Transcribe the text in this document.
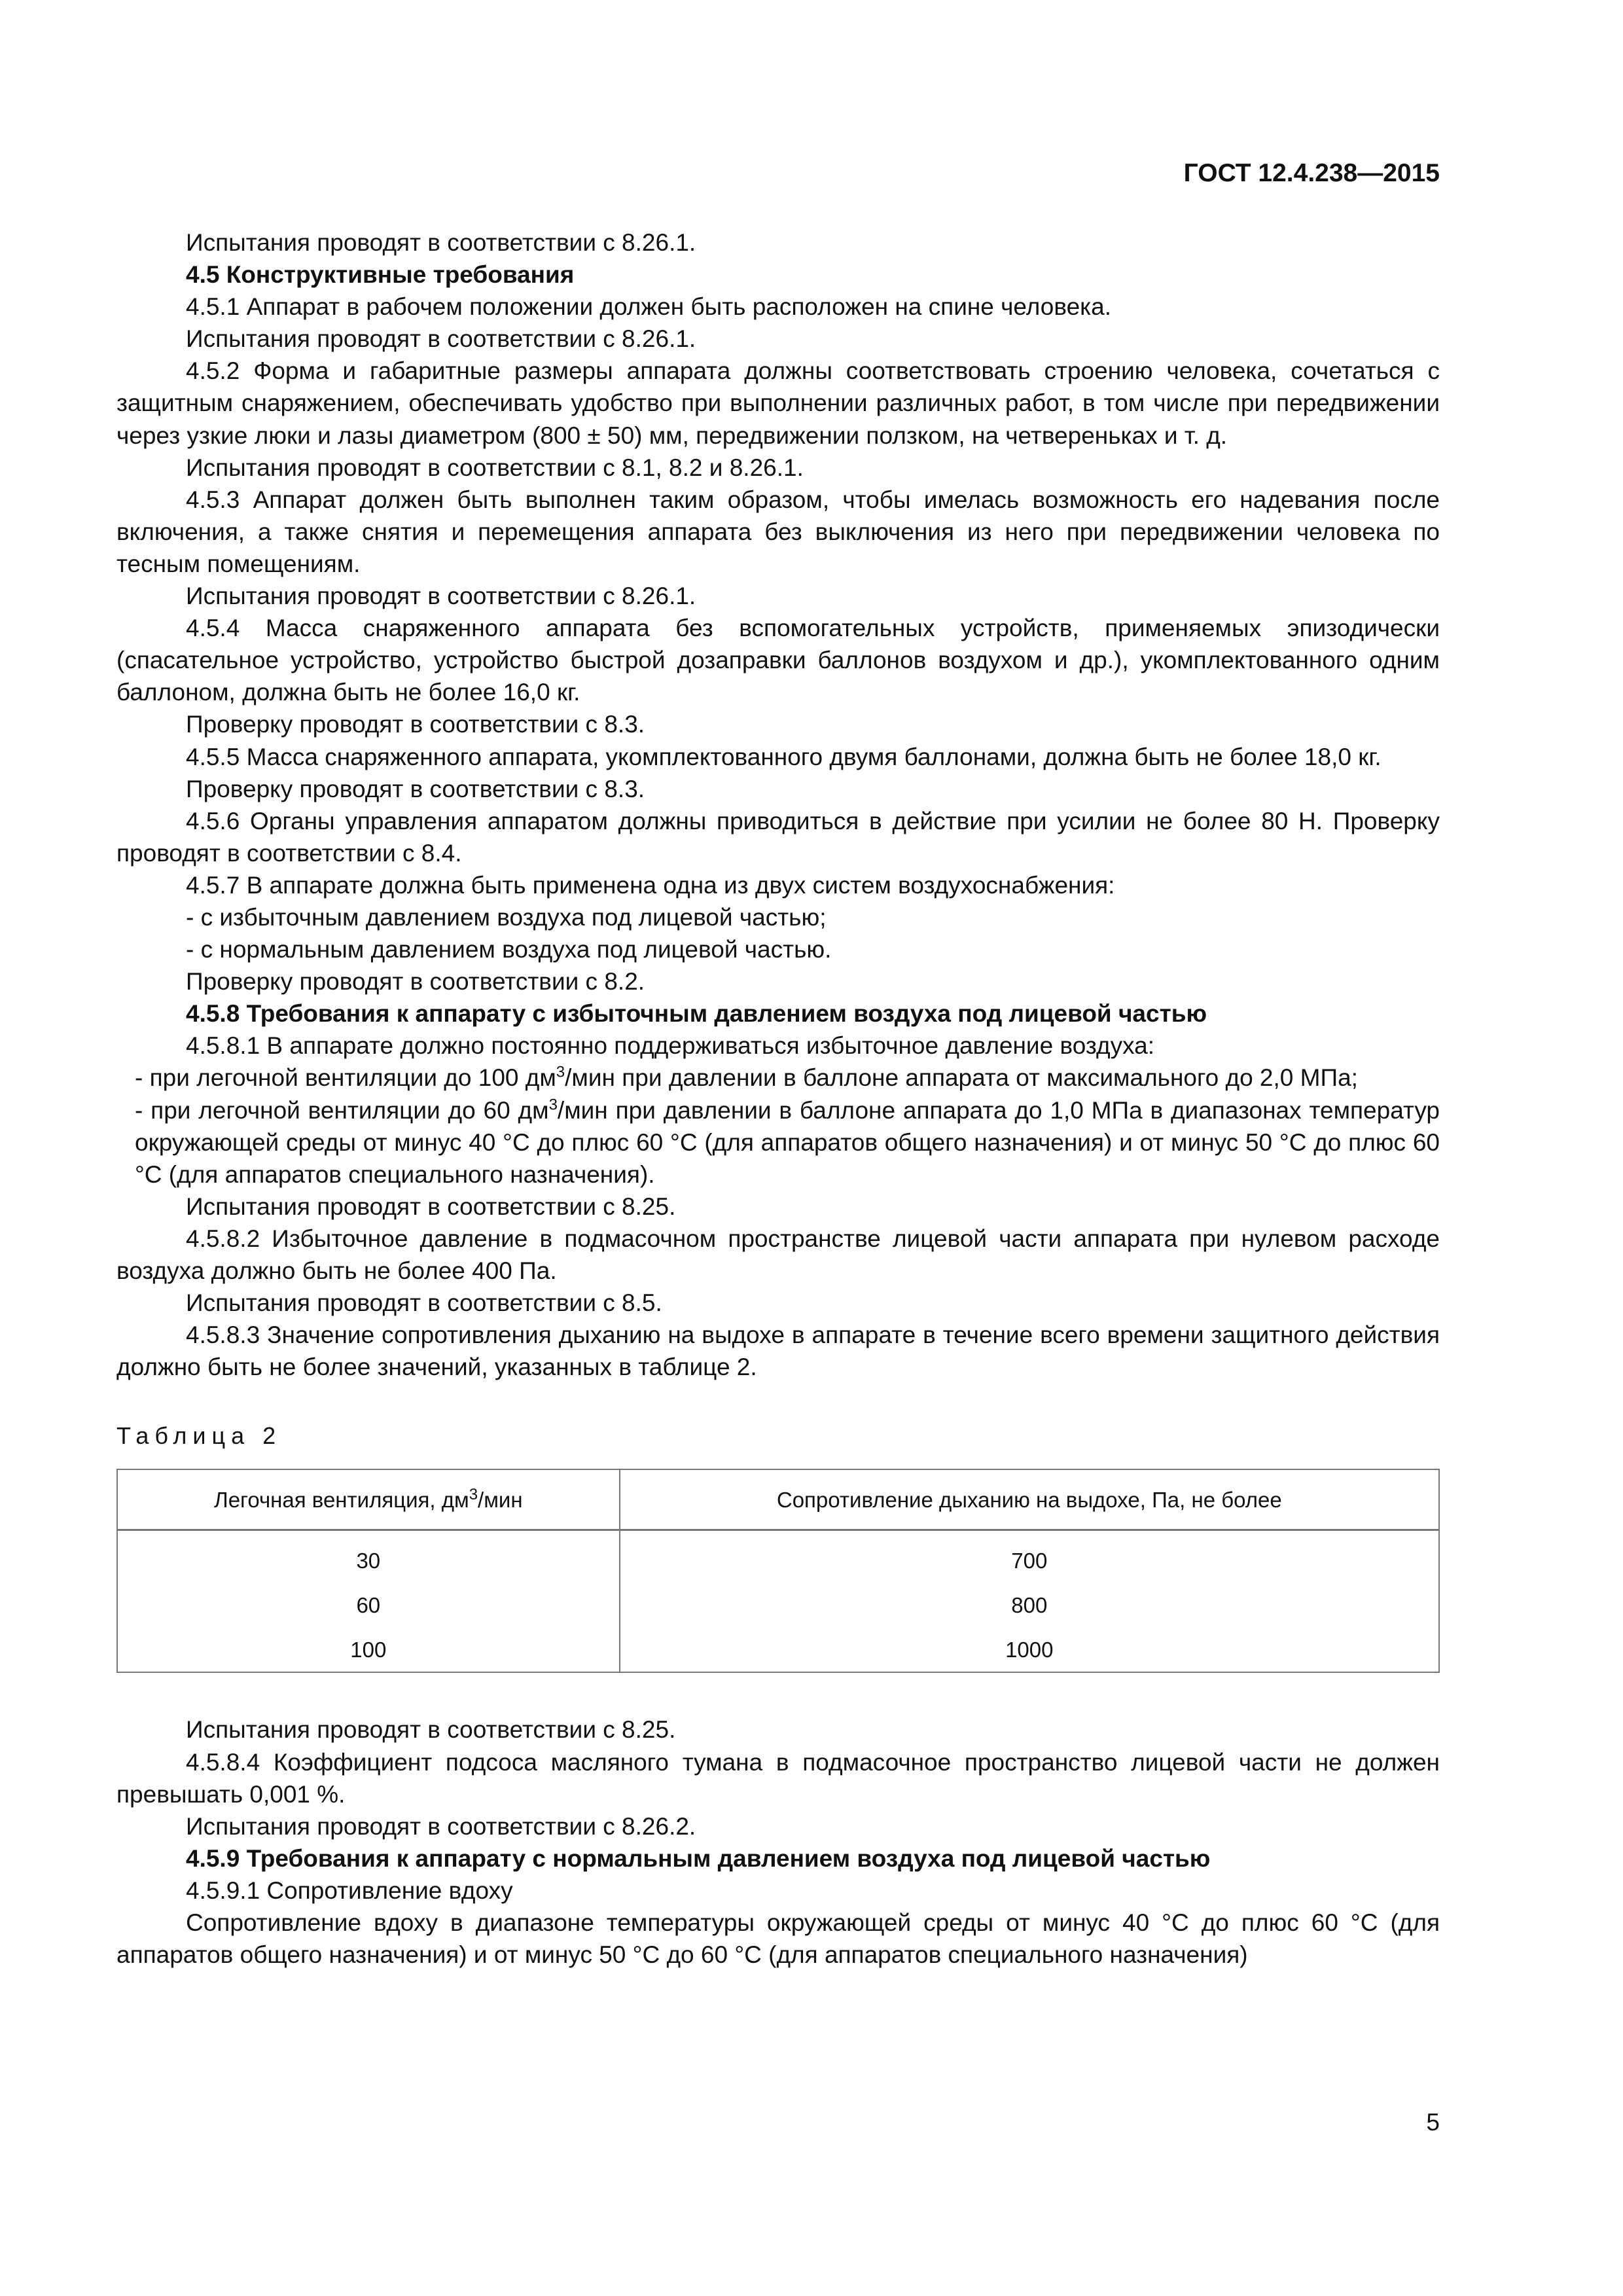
ГОСТ 12.4.238—2015

Испытания проводят в соответствии с 8.26.1.

4.5 Конструктивные требования

4.5.1 Аппарат в рабочем положении должен быть расположен на спине человека.

Испытания проводят в соответствии с 8.26.1.

4.5.2 Форма и габаритные размеры аппарата должны соответствовать строению человека, сочетаться с защитным снаряжением, обеспечивать удобство при выполнении различных работ, в том числе при передвижении через узкие люки и лазы диаметром (800 ± 50) мм, передвижении ползком, на четвереньках и т. д.

Испытания проводят в соответствии с 8.1, 8.2 и 8.26.1.

4.5.3 Аппарат должен быть выполнен таким образом, чтобы имелась возможность его надевания после включения, а также снятия и перемещения аппарата без выключения из него при передвижении человека по тесным помещениям.

Испытания проводят в соответствии с 8.26.1.

4.5.4 Масса снаряженного аппарата без вспомогательных устройств, применяемых эпизодически (спасательное устройство, устройство быстрой дозаправки баллонов воздухом и др.), укомплектованного одним баллоном, должна быть не более 16,0 кг.

Проверку проводят в соответствии с 8.3.

4.5.5 Масса снаряженного аппарата, укомплектованного двумя баллонами, должна быть не более 18,0 кг.

Проверку проводят в соответствии с 8.3.

4.5.6 Органы управления аппаратом должны приводиться в действие при усилии не более 80 Н. Проверку проводят в соответствии с 8.4.

4.5.7 В аппарате должна быть применена одна из двух систем воздухоснабжения:

- с избыточным давлением воздуха под лицевой частью;

- с нормальным давлением воздуха под лицевой частью.

Проверку проводят в соответствии с 8.2.

4.5.8 Требования к аппарату с избыточным давлением воздуха под лицевой частью

4.5.8.1 В аппарате должно постоянно поддерживаться избыточное давление воздуха:

- при легочной вентиляции до 100 $дм^3$/мин при давлении в баллоне аппарата от максимального до 2,0 МПа;

- при легочной вентиляции до 60 $дм^3$/мин при давлении в баллоне аппарата до 1,0 МПа в диапазонах температур окружающей среды от минус 40 °С до плюс 60 °С (для аппаратов общего назначения) и от минус 50 °С до плюс 60 °С (для аппаратов специального назначения).

Испытания проводят в соответствии с 8.25.

4.5.8.2 Избыточное давление в подмасочном пространстве лицевой части аппарата при нулевом расходе воздуха должно быть не более 400 Па.

Испытания проводят в соответствии с 8.5.

4.5.8.3 Значение сопротивления дыханию на выдохе в аппарате в течение всего времени защитного действия должно быть не более значений, указанных в таблице 2.

Таблица 2

Легочная вентиляция, $дм^3$/мин	Сопротивление дыханию на выдохе, Па, не более
30	700
60	800
100	1000

Испытания проводят в соответствии с 8.25.

4.5.8.4 Коэффициент подсоса масляного тумана в подмасочное пространство лицевой части не должен превышать 0,001 %.

Испытания проводят в соответствии с 8.26.2.

4.5.9 Требования к аппарату с нормальным давлением воздуха под лицевой частью

4.5.9.1 Сопротивление вдоху

Сопротивление вдоху в диапазоне температуры окружающей среды от минус 40 °С до плюс 60 °С (для аппаратов общего назначения) и от минус 50 °С до 60 °С (для аппаратов специального назначения)

5
